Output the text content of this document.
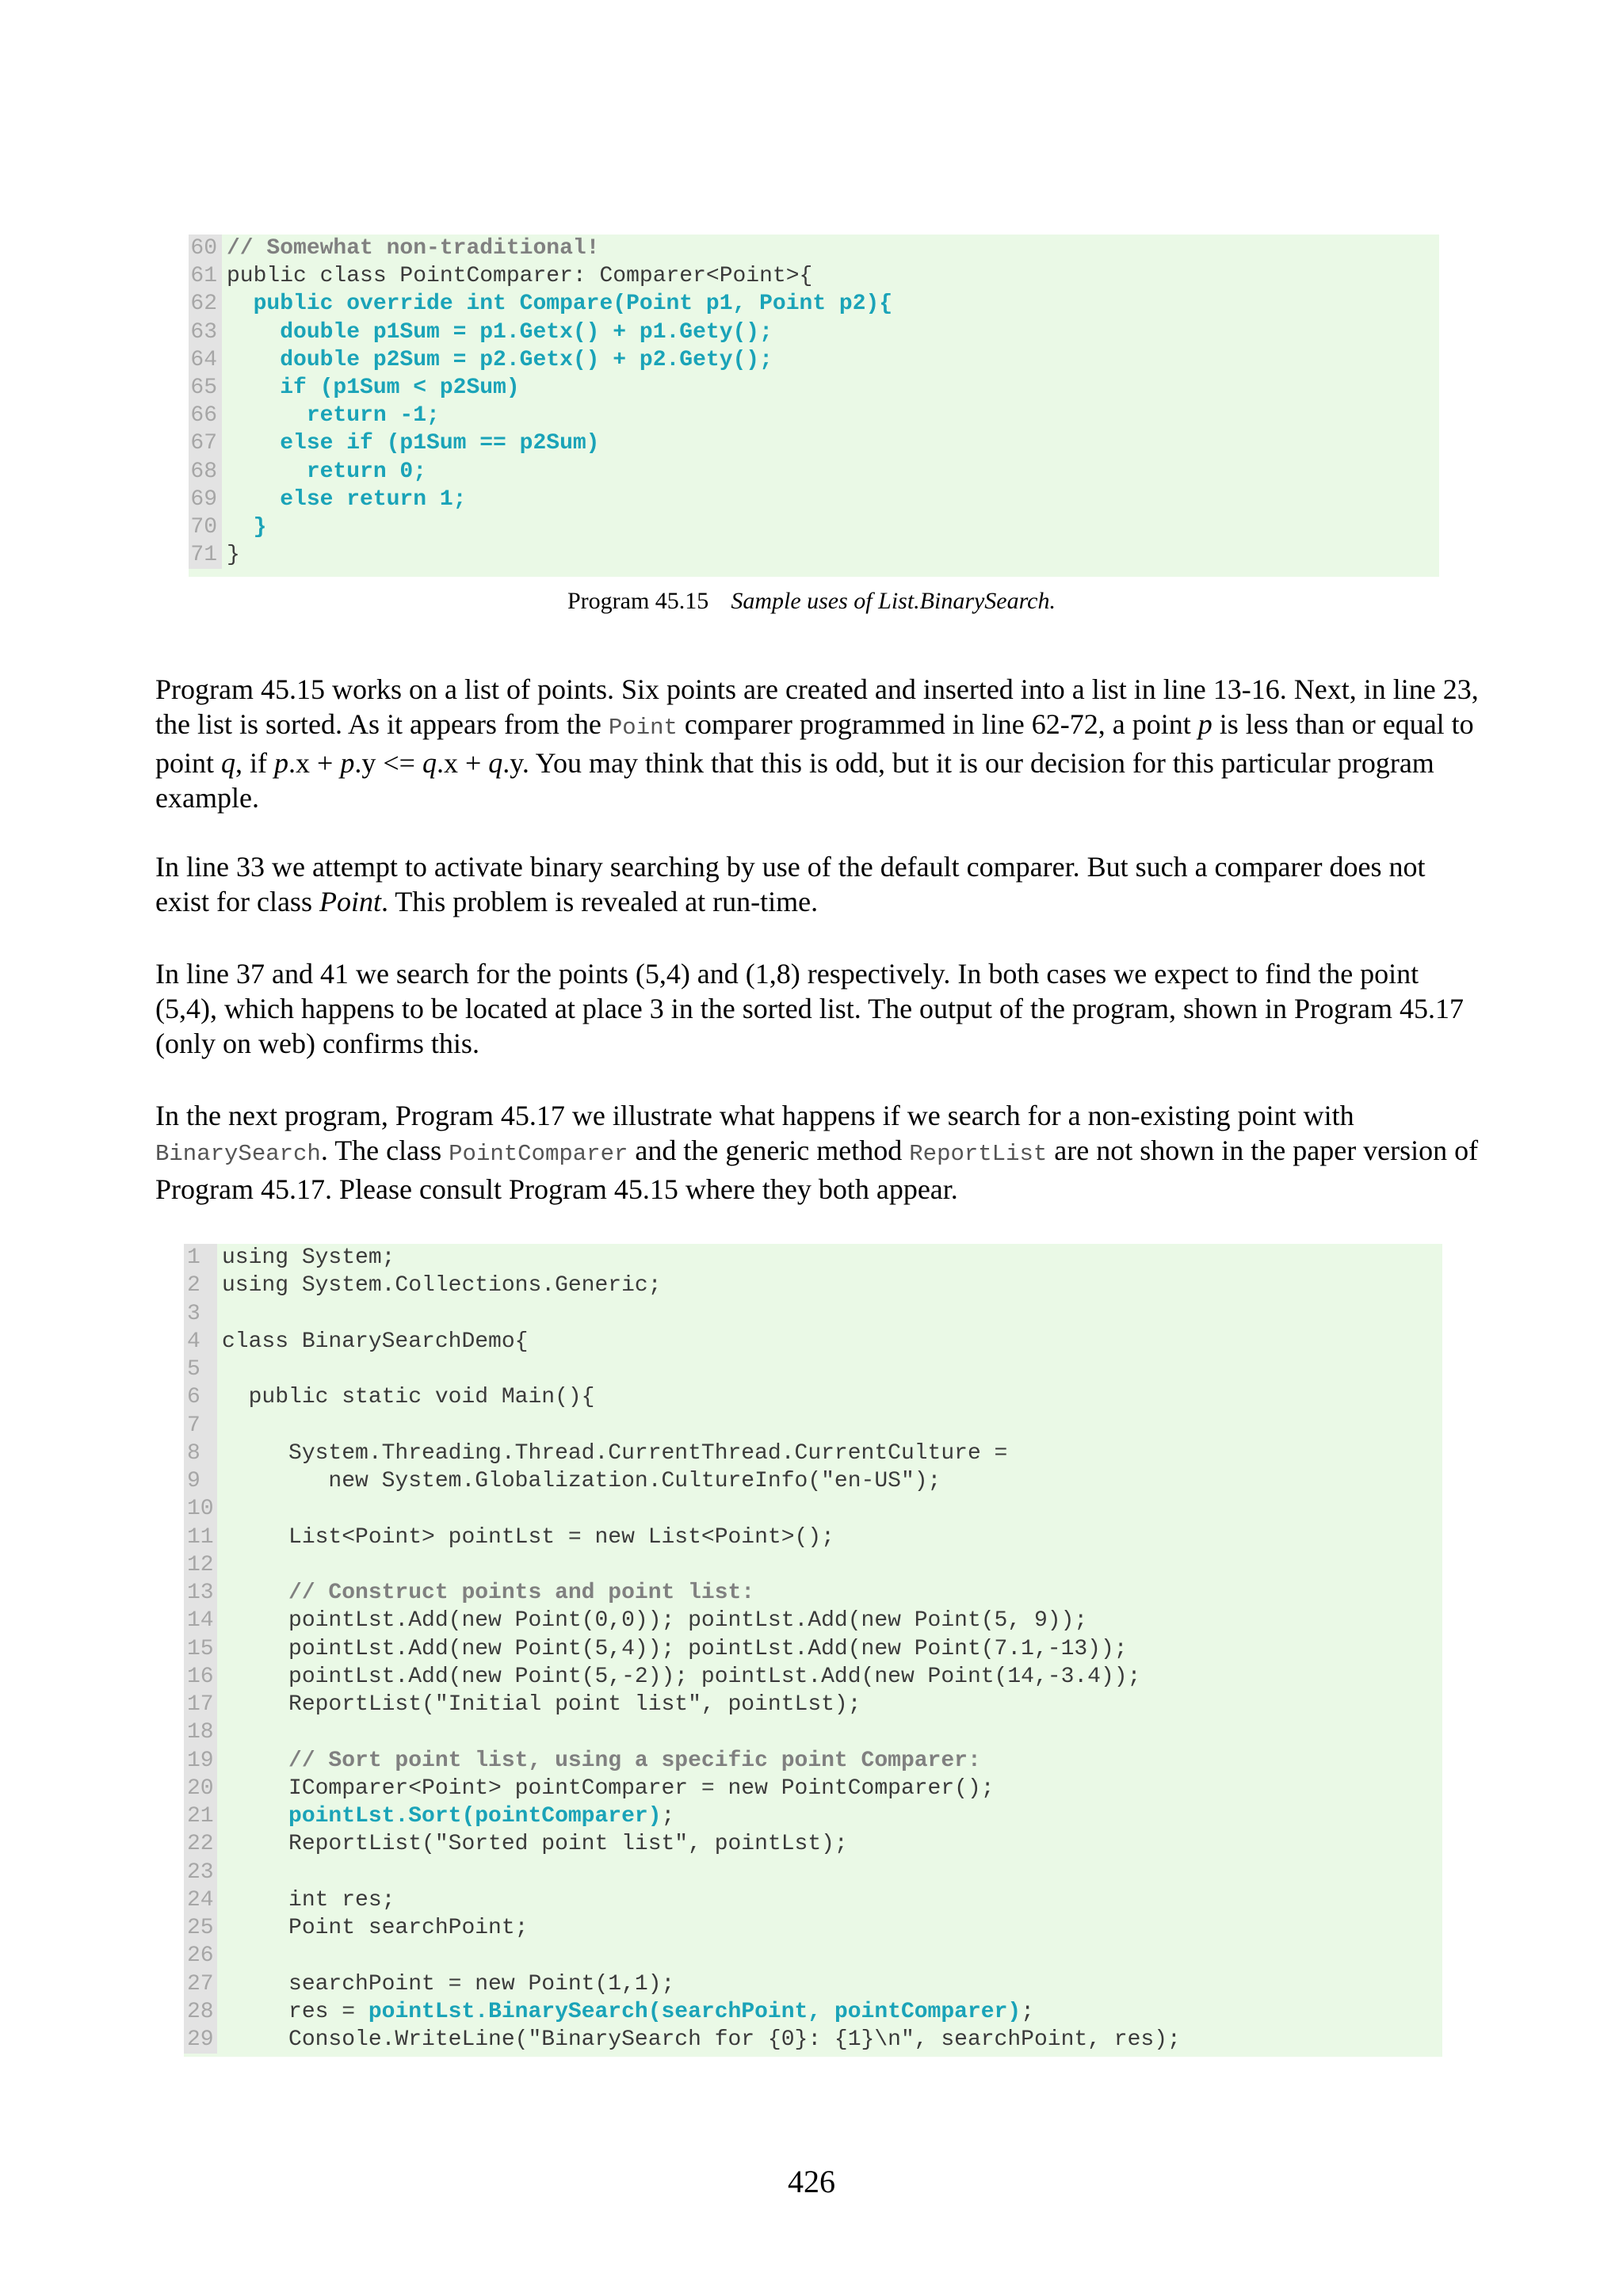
60 // Somewhat non-traditional!
61 public class PointComparer: Comparer<Point>{
62 public override int Compare(Point p1, Point p2){
63 double p1Sum = p1.Getx() + p1.Gety();
64 double p2Sum = p2.Getx() + p2.Gety();
65 if (p1Sum < p2Sum)
66 return -1;
67 else if (p1Sum == p2Sum)
68 return 0;
69 else return 1;
70 }
71 }
Program 45.15 Sample uses of List.BinarySearch.
Program 45.15 works on a list of points. Six points are created and inserted into a list in line 13-16. Next, in line 23, the list is sorted. As it appears from the Point comparer programmed in line 62-72, a point p is less than or equal to point q, if p.x + p.y <= q.x + q.y. You may think that this is odd, but it is our decision for this particular program example.
In line 33 we attempt to activate binary searching by use of the default comparer. But such a comparer does not exist for class Point. This problem is revealed at run-time.
In line 37 and 41 we search for the points (5,4) and (1,8) respectively. In both cases we expect to find the point (5,4), which happens to be located at place 3 in the sorted list. The output of the program, shown in Program 45.17 (only on web) confirms this.
In the next program, Program 45.17 we illustrate what happens if we search for a non-existing point with BinarySearch. The class PointComparer and the generic method ReportList are not shown in the paper version of Program 45.17. Please consult Program 45.15 where they both appear.
1 using System;
2 using System.Collections.Generic;
3
4 class BinarySearchDemo{
5
6 public static void Main(){
7
8 System.Threading.Thread.CurrentThread.CurrentCulture =
9 new System.Globalization.CultureInfo("en-US");
10
11 List<Point> pointLst = new List<Point>();
12
13 // Construct points and point list:
14 pointLst.Add(new Point(0,0)); pointLst.Add(new Point(5, 9));
15 pointLst.Add(new Point(5,4)); pointLst.Add(new Point(7.1,-13));
16 pointLst.Add(new Point(5,-2)); pointLst.Add(new Point(14,-3.4));
17 ReportList("Initial point list", pointLst);
18
19 // Sort point list, using a specific point Comparer:
20 IComparer<Point> pointComparer = new PointComparer();
21	pointLst.Sort(pointComparer);
22 ReportList("Sorted point list", pointLst);
23
24 int res;
25 Point searchPoint;
26
27 searchPoint = new Point(1,1);
28 res = pointLst.BinarySearch(searchPoint, pointComparer);
29 Console.WriteLine("BinarySearch for {0}: {1}\n", searchPoint, res);
426
